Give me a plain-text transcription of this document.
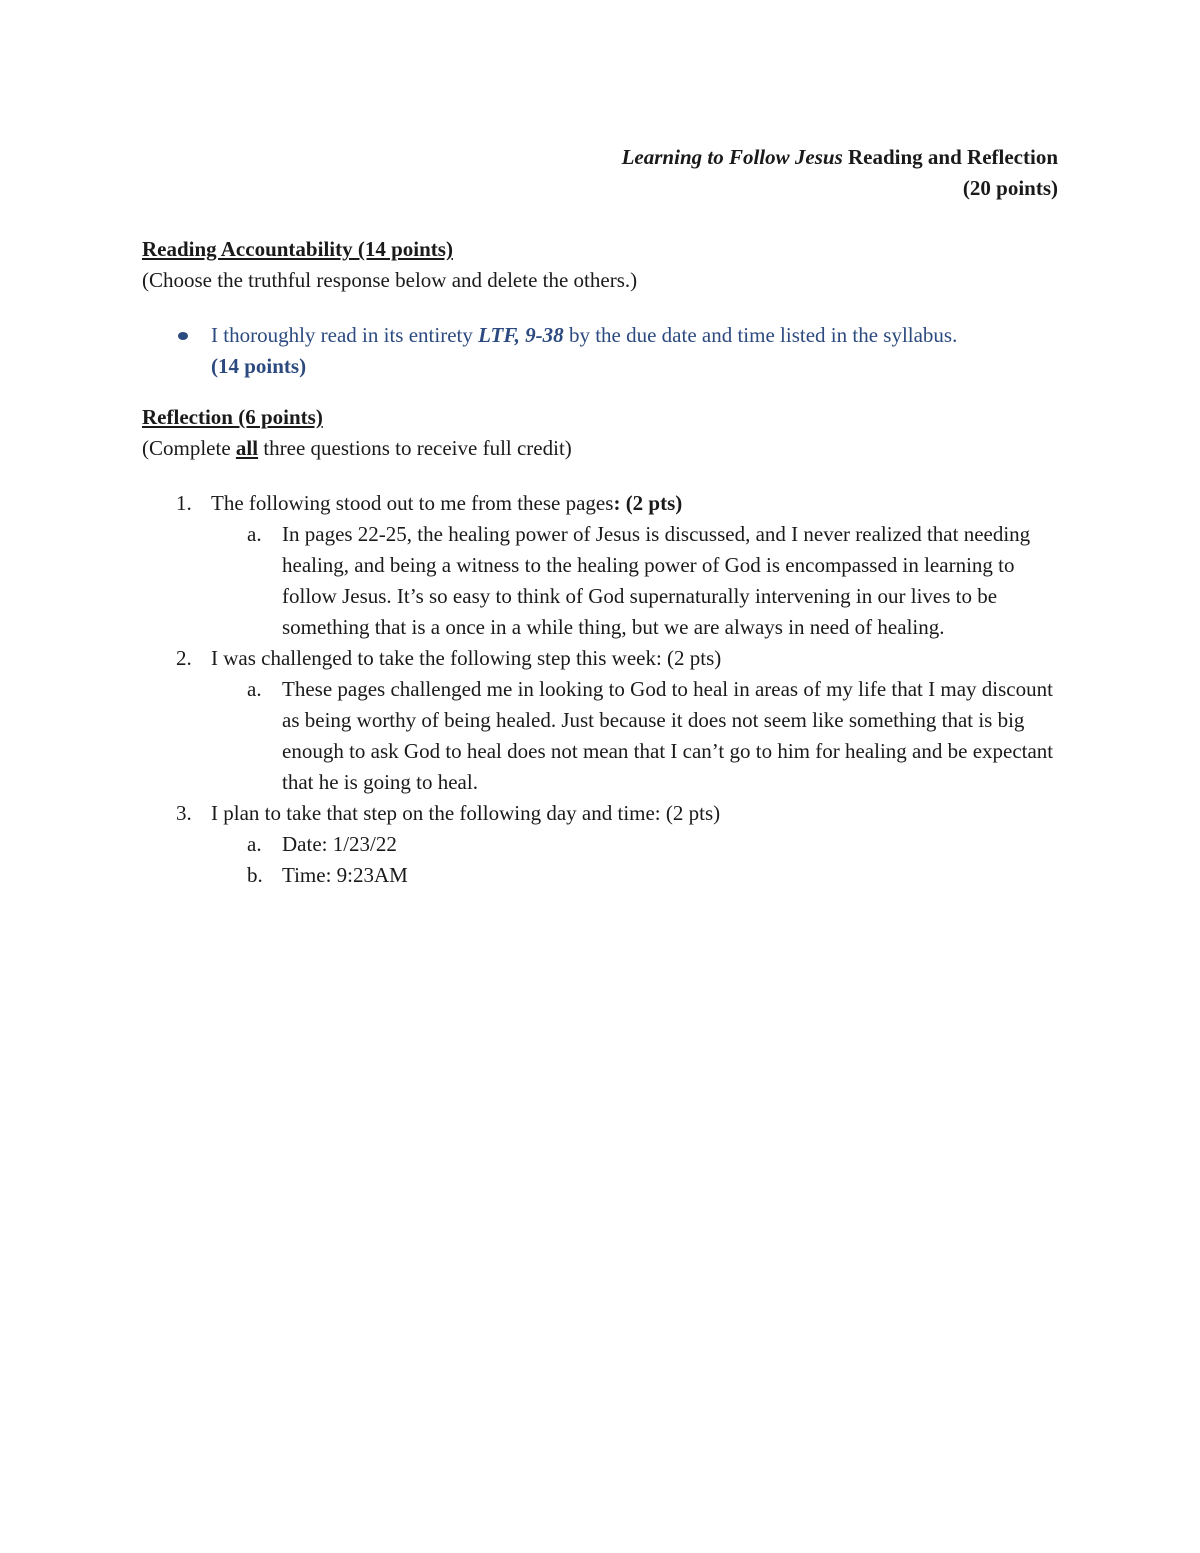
Learning to Follow Jesus Reading and Reflection
(20 points)
Reading Accountability (14 points)
(Choose the truthful response below and delete the others.)
I thoroughly read in its entirety LTF, 9-38 by the due date and time listed in the syllabus.
(14 points)
Reflection (6 points)
(Complete all three questions to receive full credit)
1. The following stood out to me from these pages: (2 pts)
a. In pages 22-25, the healing power of Jesus is discussed, and I never realized that needing healing, and being a witness to the healing power of God is encompassed in learning to follow Jesus. It’s so easy to think of God supernaturally intervening in our lives to be something that is a once in a while thing, but we are always in need of healing.
2. I was challenged to take the following step this week: (2 pts)
a. These pages challenged me in looking to God to heal in areas of my life that I may discount as being worthy of being healed. Just because it does not seem like something that is big enough to ask God to heal does not mean that I can’t go to him for healing and be expectant that he is going to heal.
3. I plan to take that step on the following day and time: (2 pts)
a. Date: 1/23/22
b. Time: 9:23AM
